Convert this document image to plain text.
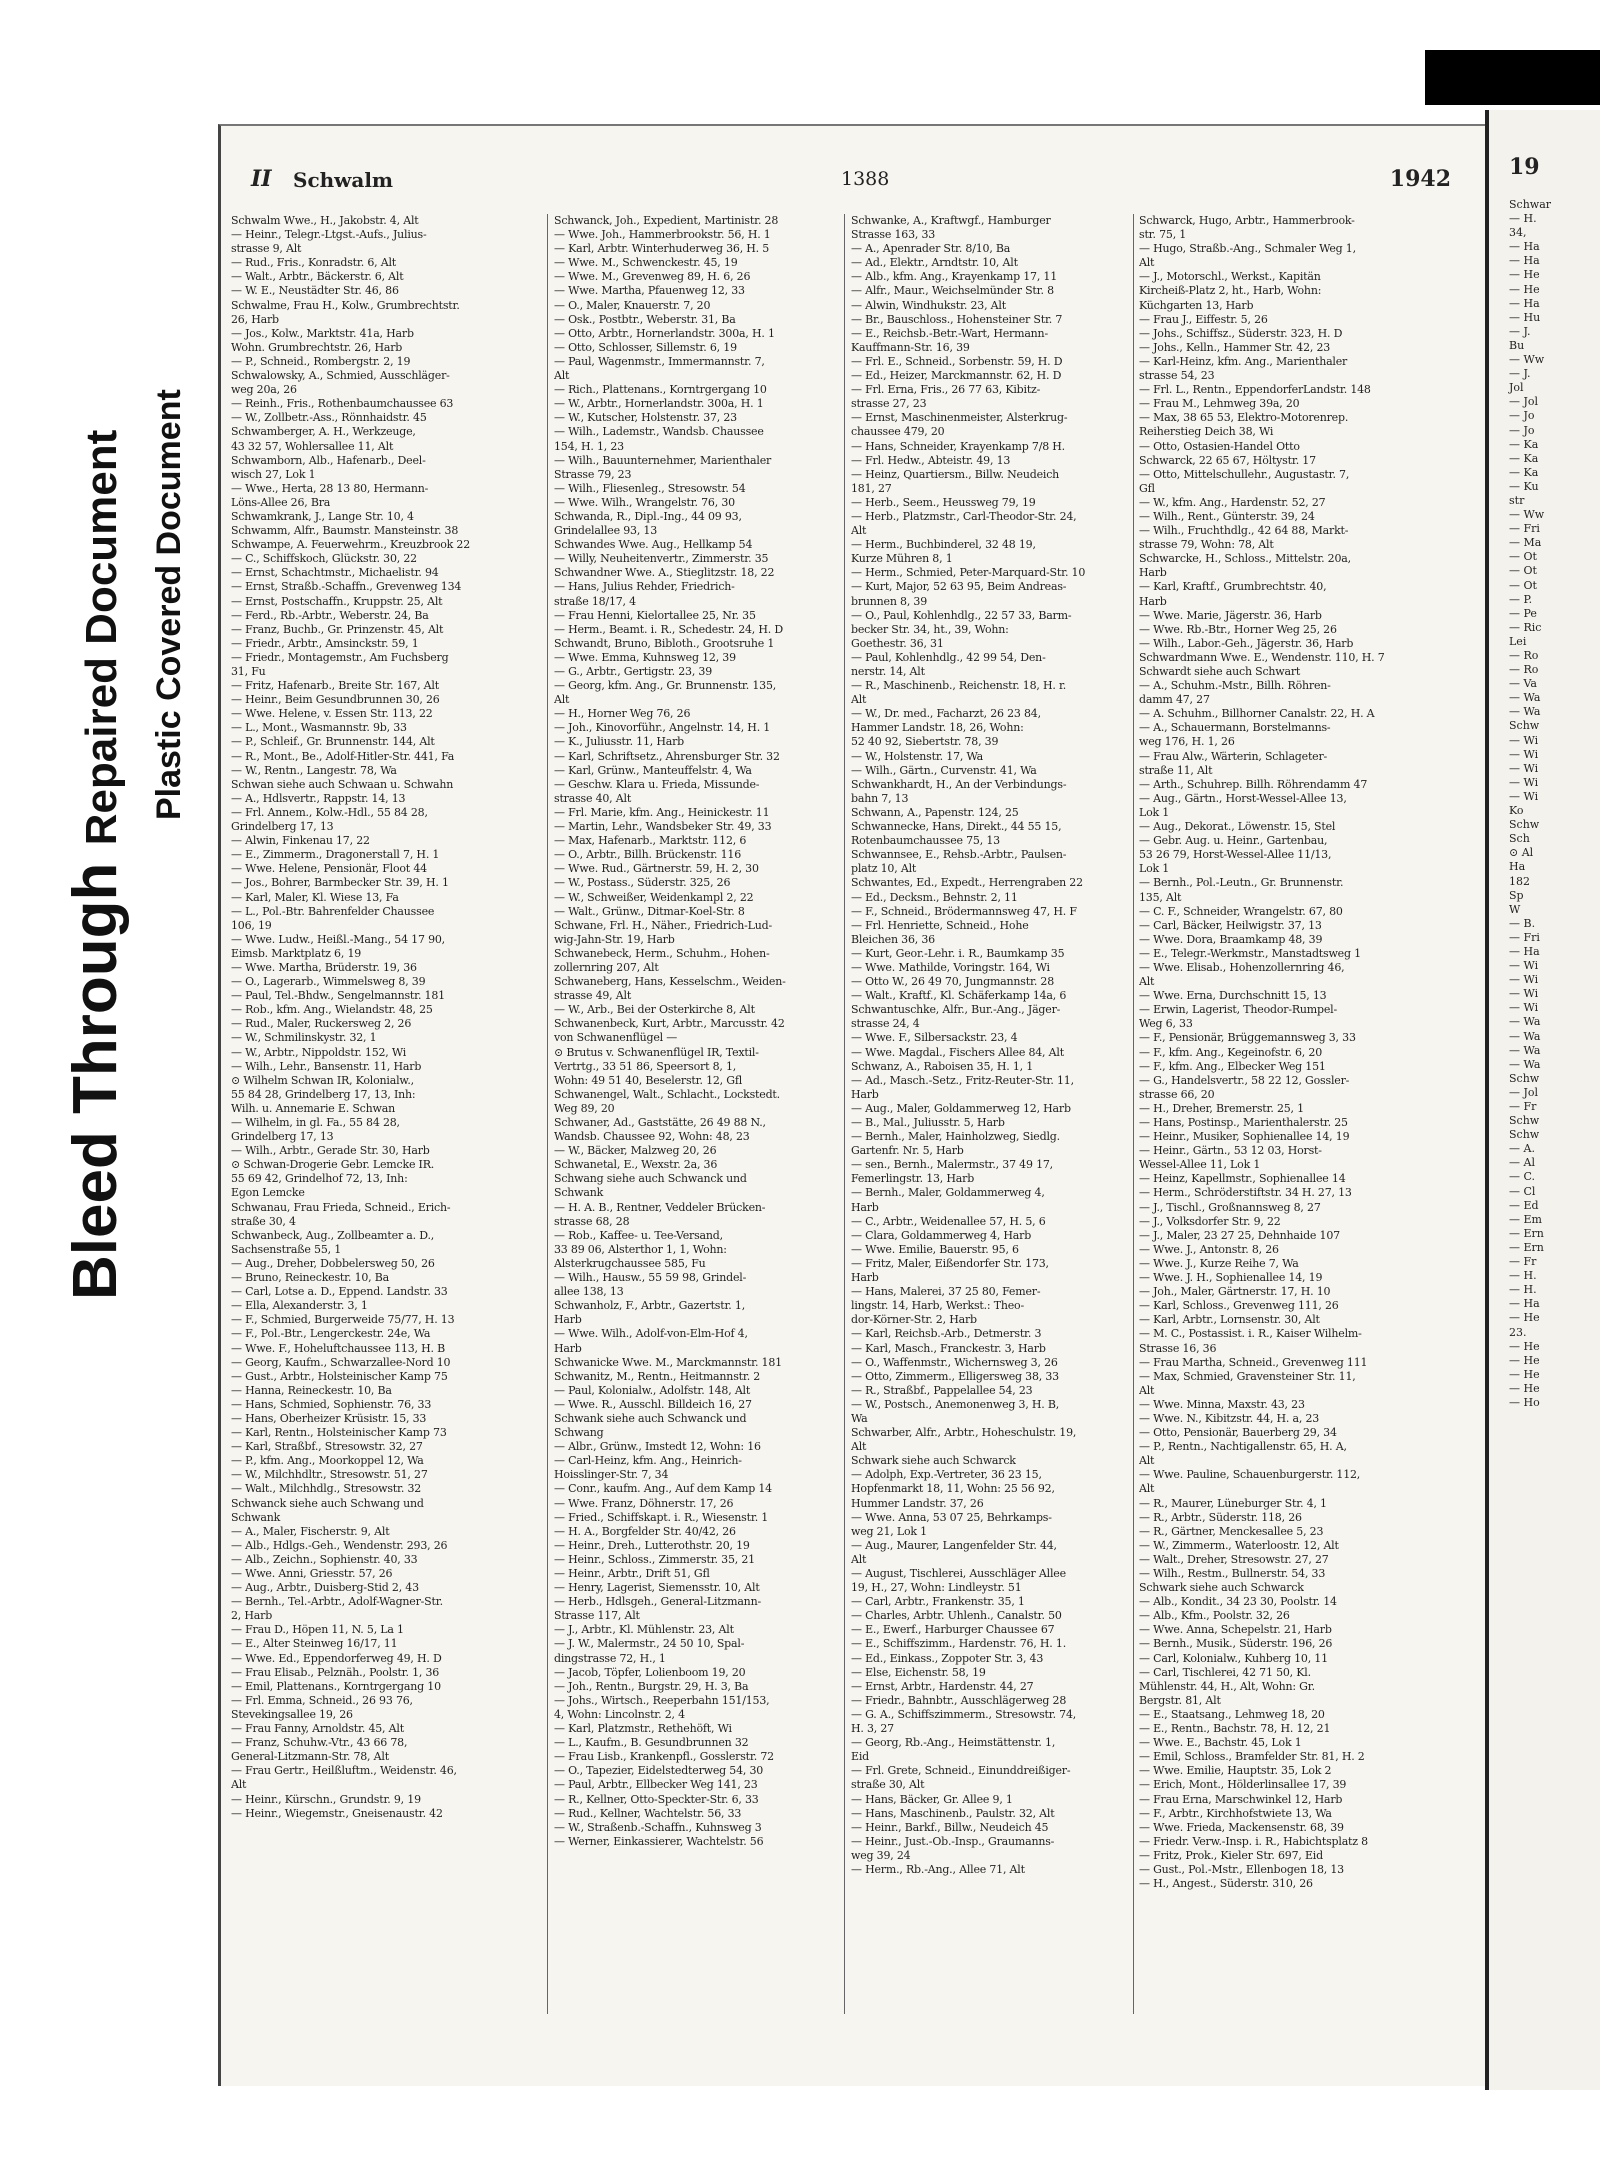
Bleed Through Repaired Document Plastic Covered Document
II Schwalm	1388	1942

Schwalm Wwe., H., Jakobstr. 4, Alt

— Heinr., Telegr.-Ltgst.-Aufs., Julius-

strasse 9, Alt

— Rud., Fris., Konradstr. 6, Alt

— Walt., Arbtr., Bäckerstr. 6, Alt

— W. E., Neustädter Str. 46, 86

Schwalme, Frau H., Kolw., Grumbrechtstr.

26, Harb

— Jos., Kolw., Marktstr. 41a, Harb

Wohn. Grumbrechtstr. 26, Harb

— P., Schneid., Rombergstr. 2, 19

Schwalowsky, A., Schmied, Ausschläger-

weg 20a, 26

— Reinh., Fris., Rothenbaumchaussee 63

— W., Zollbetr.-Ass., Rönnhaidstr. 45

Schwamberger, A. H., Werkzeuge,

43 32 57, Wohlersallee 11, Alt

Schwamborn, Alb., Hafenarb., Deel-

wisch 27, Lok 1

— Wwe., Herta, 28 13 80, Hermann-

Löns-Allee 26, Bra

Schwamkrank, J., Lange Str. 10, 4

Schwamm, Alfr., Baumstr. Mansteinstr. 38

Schwampe, A. Feuerwehrm., Kreuzbrook 22

— C., Schiffskoch, Glückstr. 30, 22

— Ernst, Schachtmstr., Michaelistr. 94

— Ernst, Straßb.-Schaffn., Grevenweg 134

— Ernst, Postschaffn., Kruppstr. 25, Alt

— Ferd., Rb.-Arbtr., Weberstr. 24, Ba

— Franz, Buchb., Gr. Prinzenstr. 45, Alt

— Friedr., Arbtr., Amsinckstr. 59, 1

— Friedr., Montagemstr., Am Fuchsberg

31, Fu

— Fritz, Hafenarb., Breite Str. 167, Alt

— Heinr., Beim Gesundbrunnen 30, 26

— Wwe. Helene, v. Essen Str. 113, 22

— L., Mont., Wasmannstr. 9b, 33

— P., Schleif., Gr. Brunnenstr. 144, Alt

— R., Mont., Be., Adolf-Hitler-Str. 441, Fa

— W., Rentn., Langestr. 78, Wa

Schwan siehe auch Schwaan u. Schwahn

— A., Hdlsvertr., Rappstr. 14, 13

— Frl. Annem., Kolw.-Hdl., 55 84 28,

Grindelberg 17, 13

— Alwin, Finkenau 17, 22

— E., Zimmerm., Dragonerstall 7, H. 1

— Wwe. Helene, Pensionär, Floot 44

— Jos., Bohrer, Barmbecker Str. 39, H. 1

— Karl, Maler, Kl. Wiese 13, Fa

— L., Pol.-Btr. Bahrenfelder Chaussee

106, 19

— Wwe. Ludw., Heißl.-Mang., 54 17 90,

Eimsb. Marktplatz 6, 19

— Wwe. Martha, Brüderstr. 19, 36

— O., Lagerarb., Wimmelsweg 8, 39

— Paul, Tel.-Bhdw., Sengelmannstr. 181

— Rob., kfm. Ang., Wielandstr. 48, 25

— Rud., Maler, Ruckersweg 2, 26

— W., Schmilinskystr. 32, 1

— W., Arbtr., Nippoldstr. 152, Wi

— Wilh., Lehr., Bansenstr. 11, Harb

⊙ Wilhelm Schwan IR, Kolonialw.,

55 84 28, Grindelberg 17, 13, Inh:

Wilh. u. Annemarie E. Schwan

— Wilhelm, in gl. Fa., 55 84 28,

Grindelberg 17, 13

— Wilh., Arbtr., Gerade Str. 30, Harb

⊙ Schwan-Drogerie Gebr. Lemcke IR.

55 69 42, Grindelhof 72, 13, Inh:

Egon Lemcke

Schwanau, Frau Frieda, Schneid., Erich-

straße 30, 4

Schwanbeck, Aug., Zollbeamter a. D.,

Sachsenstraße 55, 1

— Aug., Dreher, Dobbelersweg 50, 26

— Bruno, Reineckestr. 10, Ba

— Carl, Lotse a. D., Eppend. Landstr. 33

— Ella, Alexanderstr. 3, 1

— F., Schmied, Burgerweide 75/77, H. 13

— F., Pol.-Btr., Lengerckestr. 24e, Wa

— Wwe. F., Hoheluftchaussee 113, H. B

— Georg, Kaufm., Schwarzallee-Nord 10

— Gust., Arbtr., Holsteinischer Kamp 75

— Hanna, Reineckestr. 10, Ba

— Hans, Schmied, Sophienstr. 76, 33

— Hans, Oberheizer Krüsistr. 15, 33

— Karl, Rentn., Holsteinischer Kamp 73

— Karl, Straßbf., Stresowstr. 32, 27

— P., kfm. Ang., Moorkoppel 12, Wa

— W., Milchhdltr., Stresowstr. 51, 27

— Walt., Milchhdlg., Stresowstr. 32

Schwanck siehe auch Schwang und

Schwank

— A., Maler, Fischerstr. 9, Alt

— Alb., Hdlgs.-Geh., Wendenstr. 293, 26

— Alb., Zeichn., Sophienstr. 40, 33

— Wwe. Anni, Griesstr. 57, 26

— Aug., Arbtr., Duisberg-Stid 2, 43

— Bernh., Tel.-Arbtr., Adolf-Wagner-Str.

2, Harb

— Frau D., Höpen 11, N. 5, La 1

— E., Alter Steinweg 16/17, 11

— Wwe. Ed., Eppendorferweg 49, H. D

— Frau Elisab., Pelznäh., Poolstr. 1, 36

— Emil, Plattenans., Korntrgergang 10

— Frl. Emma, Schneid., 26 93 76,

Stevekingsallee 19, 26

— Frau Fanny, Arnoldstr. 45, Alt

— Franz, Schuhw.-Vtr., 43 66 78,

General-Litzmann-Str. 78, Alt

— Frau Gertr., Heilßluftm., Weidenstr. 46,

Alt

— Heinr., Kürschn., Grundstr. 9, 19

— Heinr., Wiegemstr., Gneisenaustr. 42

Schwanck, Joh., Expedient, Martinistr. 28

— Wwe. Joh., Hammerbrookstr. 56, H. 1

— Karl, Arbtr. Winterhuderweg 36, H. 5

— Wwe. M., Schwenckestr. 45, 19

— Wwe. M., Grevenweg 89, H. 6, 26

— Wwe. Martha, Pfauenweg 12, 33

— O., Maler, Knauerstr. 7, 20

— Osk., Postbtr., Weberstr. 31, Ba

— Otto, Arbtr., Hornerlandstr. 300a, H. 1

— Otto, Schlosser, Sillemstr. 6, 19

— Paul, Wagenmstr., Immermannstr. 7,

Alt

— Rich., Plattenans., Korntrgergang 10

— W., Arbtr., Hornerlandstr. 300a, H. 1

— W., Kutscher, Holstenstr. 37, 23

— Wilh., Lademstr., Wandsb. Chaussee

154, H. 1, 23

— Wilh., Bauunternehmer, Marienthaler

Strasse 79, 23

— Wilh., Fliesenleg., Stresowstr. 54

— Wwe. Wilh., Wrangelstr. 76, 30

Schwanda, R., Dipl.-Ing., 44 09 93,

Grindelallee 93, 13

Schwandes Wwe. Aug., Hellkamp 54

— Willy, Neuheitenvertr., Zimmerstr. 35

Schwandner Wwe. A., Stieglitzstr. 18, 22

— Hans, Julius Rehder, Friedrich-

straße 18/17, 4

— Frau Henni, Kielortallee 25, Nr. 35

— Herm., Beamt. i. R., Schedestr. 24, H. D

Schwandt, Bruno, Bibloth., Grootsruhe 1

— Wwe. Emma, Kuhnsweg 12, 39

— G., Arbtr., Gertigstr. 23, 39

— Georg, kfm. Ang., Gr. Brunnenstr. 135,

Alt

— H., Horner Weg 76, 26

— Joh., Kinovorführ., Angelnstr. 14, H. 1

— K., Juliusstr. 11, Harb

— Karl, Schriftsetz., Ahrensburger Str. 32

— Karl, Grünw., Manteuffelstr. 4, Wa

— Geschw. Klara u. Frieda, Missunde-

strasse 40, Alt

— Frl. Marie, kfm. Ang., Heinickestr. 11

— Martin, Lehr., Wandsbeker Str. 49, 33

— Max, Hafenarb., Marktstr. 112, 6

— O., Arbtr., Billh. Brückenstr. 116

— Wwe. Rud., Gärtnerstr. 59, H. 2, 30

— W., Postass., Süderstr. 325, 26

— W., Schweißer, Weidenkampl 2, 22

— Walt., Grünw., Ditmar-Koel-Str. 8

Schwane, Frl. H., Näher., Friedrich-Lud-

wig-Jahn-Str. 19, Harb

Schwanebeck, Herm., Schuhm., Hohen-

zollernring 207, Alt

Schwaneberg, Hans, Kesselschm., Weiden-

strasse 49, Alt

— W., Arb., Bei der Osterkirche 8, Alt

Schwanenbeck, Kurt, Arbtr., Marcusstr. 42

von Schwanenflügel —

⊙ Brutus v. Schwanenflügel IR, Textil-

Vertrtg., 33 51 86, Speersort 8, 1,

Wohn: 49 51 40, Beselerstr. 12, Gfl

Schwanengel, Walt., Schlacht., Lockstedt.

Weg 89, 20

Schwaner, Ad., Gaststätte, 26 49 88 N.,

Wandsb. Chaussee 92, Wohn: 48, 23

— W., Bäcker, Malzweg 20, 26

Schwanetal, E., Wexstr. 2a, 36

Schwang siehe auch Schwanck und

Schwank

— H. A. B., Rentner, Veddeler Brücken-

strasse 68, 28

— Rob., Kaffee- u. Tee-Versand,

33 89 06, Alsterthor 1, 1, Wohn:

Alsterkrugchaussee 585, Fu

— Wilh., Hausw., 55 59 98, Grindel-

allee 138, 13

Schwanholz, F., Arbtr., Gazertstr. 1,

Harb

— Wwe. Wilh., Adolf-von-Elm-Hof 4,

Harb

Schwanicke Wwe. M., Marckmannstr. 181

Schwanitz, M., Rentn., Heitmannstr. 2

— Paul, Kolonialw., Adolfstr. 148, Alt

— Wwe. R., Ausschl. Billdeich 16, 27

Schwank siehe auch Schwanck und

Schwang

— Albr., Grünw., Imstedt 12, Wohn: 16

— Carl-Heinz, kfm. Ang., Heinrich-

Hoisslinger-Str. 7, 34

— Conr., kaufm. Ang., Auf dem Kamp 14

— Wwe. Franz, Döhnerstr. 17, 26

— Fried., Schiffskapt. i. R., Wiesenstr. 1

— H. A., Borgfelder Str. 40/42, 26

— Heinr., Dreh., Lutterothstr. 20, 19

— Heinr., Schloss., Zimmerstr. 35, 21

— Heinr., Arbtr., Drift 51, Gfl

— Henry, Lagerist, Siemensstr. 10, Alt

— Herb., Hdlsgeh., General-Litzmann-

Strasse 117, Alt

— J., Arbtr., Kl. Mühlenstr. 23, Alt

— J. W., Malermstr., 24 50 10, Spal-

dingstrasse 72, H., 1

— Jacob, Töpfer, Lolienboom 19, 20

— Joh., Rentn., Burgstr. 29, H. 3, Ba

— Johs., Wirtsch., Reeperbahn 151/153,

4, Wohn: Lincolnstr. 2, 4

— Karl, Platzmstr., Rethehöft, Wi

— L., Kaufm., B. Gesundbrunnen 32

— Frau Lisb., Krankenpfl., Gosslerstr. 72

— O., Tapezier, Eidelstedterweg 54, 30

— Paul, Arbtr., Ellbecker Weg 141, 23

— R., Kellner, Otto-Speckter-Str. 6, 33

— Rud., Kellner, Wachtelstr. 56, 33

— W., Straßenb.-Schaffn., Kuhnsweg 3

— Werner, Einkassierer, Wachtelstr. 56

Schwanke, A., Kraftwgf., Hamburger

Strasse 163, 33

— A., Apenrader Str. 8/10, Ba

— Ad., Elektr., Arndtstr. 10, Alt

— Alb., kfm. Ang., Krayenkamp 17, 11

— Alfr., Maur., Weichselmünder Str. 8

— Alwin, Windhukstr. 23, Alt

— Br., Bauschloss., Hohensteiner Str. 7

— E., Reichsb.-Betr.-Wart, Hermann-

Kauffmann-Str. 16, 39

— Frl. E., Schneid., Sorbenstr. 59, H. D

— Ed., Heizer, Marckmannstr. 62, H. D

— Frl. Erna, Fris., 26 77 63, Kibitz-

strasse 27, 23

— Ernst, Maschinenmeister, Alsterkrug-

chaussee 479, 20

— Hans, Schneider, Krayenkamp 7/8 H.

— Frl. Hedw., Abteistr. 49, 13

— Heinz, Quartiersm., Billw. Neudeich

181, 27

— Herb., Seem., Heussweg 79, 19

— Herb., Platzmstr., Carl-Theodor-Str. 24,

Alt

— Herm., Buchbinderel, 32 48 19,

Kurze Mühren 8, 1

— Herm., Schmied, Peter-Marquard-Str. 10

— Kurt, Major, 52 63 95, Beim Andreas-

brunnen 8, 39

— O., Paul, Kohlenhdlg., 22 57 33, Barm-

becker Str. 34, ht., 39, Wohn:

Goethestr. 36, 31

— Paul, Kohlenhdlg., 42 99 54, Den-

nerstr. 14, Alt

— R., Maschinenb., Reichenstr. 18, H. r.

Alt

— W., Dr. med., Facharzt, 26 23 84,

Hammer Landstr. 18, 26, Wohn:

52 40 92, Siebertstr. 78, 39

— W., Holstenstr. 17, Wa

— Wilh., Gärtn., Curvenstr. 41, Wa

Schwankhardt, H., An der Verbindungs-

bahn 7, 13

Schwann, A., Papenstr. 124, 25

Schwannecke, Hans, Direkt., 44 55 15,

Rotenbaumchaussee 75, 13

Schwannsee, E., Rehsb.-Arbtr., Paulsen-

platz 10, Alt

Schwantes, Ed., Expedt., Herrengraben 22

— Ed., Decksm., Behnstr. 2, 11

— F., Schneid., Brödermannsweg 47, H. F

— Frl. Henriette, Schneid., Hohe

Bleichen 36, 36

— Kurt, Geor.-Lehr. i. R., Baumkamp 35

— Wwe. Mathilde, Voringstr. 164, Wi

— Otto W., 26 49 70, Jungmannstr. 28

— Walt., Kraftf., Kl. Schäferkamp 14a, 6

Schwantuschke, Alfr., Bur.-Ang., Jäger-

strasse 24, 4

— Wwe. F., Silbersackstr. 23, 4

— Wwe. Magdal., Fischers Allee 84, Alt

Schwanz, A., Raboisen 35, H. 1, 1

— Ad., Masch.-Setz., Fritz-Reuter-Str. 11,

Harb

— Aug., Maler, Goldammerweg 12, Harb

— B., Mal., Juliusstr. 5, Harb

— Bernh., Maler, Hainholzweg, Siedlg.

Gartenfr. Nr. 5, Harb

— sen., Bernh., Malermstr., 37 49 17,

Femerlingstr. 13, Harb

— Bernh., Maler, Goldammerweg 4,

Harb

— C., Arbtr., Weidenallee 57, H. 5, 6

— Clara, Goldammerweg 4, Harb

— Wwe. Emilie, Bauerstr. 95, 6

— Fritz, Maler, Eißendorfer Str. 173,

Harb

— Hans, Malerei, 37 25 80, Femer-

lingstr. 14, Harb, Werkst.: Theo-

dor-Körner-Str. 2, Harb

— Karl, Reichsb.-Arb., Detmerstr. 3

— Karl, Masch., Franckestr. 3, Harb

— O., Waffenmstr., Wichernsweg 3, 26

— Otto, Zimmerm., Elligersweg 38, 33

— R., Straßbf., Pappelallee 54, 23

— W., Postsch., Anemonenweg 3, H. B,

Wa

Schwarber, Alfr., Arbtr., Hoheschulstr. 19,

Alt

Schwark siehe auch Schwarck

— Adolph, Exp.-Vertreter, 36 23 15,

Hopfenmarkt 18, 11, Wohn: 25 56 92,

Hummer Landstr. 37, 26

— Wwe. Anna, 53 07 25, Behrkamps-

weg 21, Lok 1

— Aug., Maurer, Langenfelder Str. 44,

Alt

— August, Tischlerei, Ausschläger Allee

19, H., 27, Wohn: Lindleystr. 51

— Carl, Arbtr., Frankenstr. 35, 1

— Charles, Arbtr. Uhlenh., Canalstr. 50

— E., Ewerf., Harburger Chaussee 67

— E., Schiffszimm., Hardenstr. 76, H. 1.

— Ed., Einkass., Zoppoter Str. 3, 43

— Else, Eichenstr. 58, 19

— Ernst, Arbtr., Hardenstr. 44, 27

— Friedr., Bahnbtr., Ausschlägerweg 28

— G. A., Schiffszimmerm., Stresowstr. 74,

H. 3, 27

— Georg, Rb.-Ang., Heimstättenstr. 1,

Eid

— Frl. Grete, Schneid., Einunddreißiger-

straße 30, Alt

— Hans, Bäcker, Gr. Allee 9, 1

— Hans, Maschinenb., Paulstr. 32, Alt

— Heinr., Barkf., Billw., Neudeich 45

— Heinr., Just.-Ob.-Insp., Graumanns-

weg 39, 24

— Herm., Rb.-Ang., Allee 71, Alt

Schwarck, Hugo, Arbtr., Hammerbrook-

str. 75, 1

— Hugo, Straßb.-Ang., Schmaler Weg 1,

Alt

— J., Motorschl., Werkst., Kapitän

Kircheiß-Platz 2, ht., Harb, Wohn:

Küchgarten 13, Harb

— Frau J., Eiffestr. 5, 26

— Johs., Schiffsz., Süderstr. 323, H. D

— Johs., Kelln., Hammer Str. 42, 23

— Karl-Heinz, kfm. Ang., Marienthaler

strasse 54, 23

— Frl. L., Rentn., EppendorferLandstr. 148

— Frau M., Lehmweg 39a, 20

— Max, 38 65 53, Elektro-Motorenrep.

Reiherstieg Deich 38, Wi

— Otto, Ostasien-Handel Otto

Schwarck, 22 65 67, Höltystr. 17

— Otto, Mittelschullehr., Augustastr. 7,

Gfl

— W., kfm. Ang., Hardenstr. 52, 27

— Wilh., Rent., Günterstr. 39, 24

— Wilh., Fruchthdlg., 42 64 88, Markt-

strasse 79, Wohn: 78, Alt

Schwarcke, H., Schloss., Mittelstr. 20a,

Harb

— Karl, Kraftf., Grumbrechtstr. 40,

Harb

— Wwe. Marie, Jägerstr. 36, Harb

— Wwe. Rb.-Btr., Horner Weg 25, 26

— Wilh., Labor.-Geh., Jägerstr. 36, Harb

Schwardmann Wwe. E., Wendenstr. 110, H. 7

Schwardt siehe auch Schwart

— A., Schuhm.-Mstr., Billh. Röhren-

damm 47, 27

— A. Schuhm., Billhorner Canalstr. 22, H. A

— A., Schauermann, Borstelmanns-

weg 176, H. 1, 26

— Frau Alw., Wärterin, Schlageter-

straße 11, Alt

— Arth., Schuhrep. Billh. Röhrendamm 47

— Aug., Gärtn., Horst-Wessel-Allee 13,

Lok 1

— Aug., Dekorat., Löwenstr. 15, Stel

— Gebr. Aug. u. Heinr., Gartenbau,

53 26 79, Horst-Wessel-Allee 11/13,

Lok 1

— Bernh., Pol.-Leutn., Gr. Brunnenstr.

135, Alt

— C. F., Schneider, Wrangelstr. 67, 80

— Carl, Bäcker, Heilwigstr. 37, 13

— Wwe. Dora, Braamkamp 48, 39

— E., Telegr.-Werkmstr., Manstadtsweg 1

— Wwe. Elisab., Hohenzollernring 46,

Alt

— Wwe. Erna, Durchschnitt 15, 13

— Erwin, Lagerist, Theodor-Rumpel-

Weg 6, 33

— F., Pensionär, Brüggemannsweg 3, 33

— F., kfm. Ang., Kegeinofstr. 6, 20

— F., kfm. Ang., Elbecker Weg 151

— G., Handelsvertr., 58 22 12, Gossler-

strasse 66, 20

— H., Dreher, Bremerstr. 25, 1

— Hans, Postinsp., Marienthalerstr. 25

— Heinr., Musiker, Sophienallee 14, 19

— Heinr., Gärtn., 53 12 03, Horst-

Wessel-Allee 11, Lok 1

— Heinz, Kapellmstr., Sophienallee 14

— Herm., Schröderstiftstr. 34 H. 27, 13

— J., Tischl., Großnannsweg 8, 27

— J., Volksdorfer Str. 9, 22

— J., Maler, 23 27 25, Dehnhaide 107

— Wwe. J., Antonstr. 8, 26

— Wwe. J., Kurze Reihe 7, Wa

— Wwe. J. H., Sophienallee 14, 19

— Joh., Maler, Gärtnerstr. 17, H. 10

— Karl, Schloss., Grevenweg 111, 26

— Karl, Arbtr., Lornsenstr. 30, Alt

— M. C., Postassist. i. R., Kaiser Wilhelm-

Strasse 16, 36

— Frau Martha, Schneid., Grevenweg 111

— Max, Schmied, Gravensteiner Str. 11,

Alt

— Wwe. Minna, Maxstr. 43, 23

— Wwe. N., Kibitzstr. 44, H. a, 23

— Otto, Pensionär, Bauerberg 29, 34

— P., Rentn., Nachtigallenstr. 65, H. A,

Alt

— Wwe. Pauline, Schauenburgerstr. 112,

Alt

— R., Maurer, Lüneburger Str. 4, 1

— R., Arbtr., Süderstr. 118, 26

— R., Gärtner, Menckesallee 5, 23

— W., Zimmerm., Waterloostr. 12, Alt

— Walt., Dreher, Stresowstr. 27, 27

— Wilh., Restm., Bullnerstr. 54, 33

Schwark siehe auch Schwarck

— Alb., Kondit., 34 23 30, Poolstr. 14

— Alb., Kfm., Poolstr. 32, 26

— Wwe. Anna, Schepelstr. 21, Harb

— Bernh., Musik., Süderstr. 196, 26

— Carl, Kolonialw., Kuhberg 10, 11

— Carl, Tischlerei, 42 71 50, Kl.

Mühlenstr. 44, H., Alt, Wohn: Gr.

Bergstr. 81, Alt

— E., Staatsang., Lehmweg 18, 20

— E., Rentn., Bachstr. 78, H. 12, 21

— Wwe. E., Bachstr. 45, Lok 1

— Emil, Schloss., Bramfelder Str. 81, H. 2

— Wwe. Emilie, Hauptstr. 35, Lok 2

— Erich, Mont., Hölderlinsallee 17, 39

— Frau Erna, Marschwinkel 12, Harb

— F., Arbtr., Kirchhofstwiete 13, Wa

— Wwe. Frieda, Mackensenstr. 68, 39

— Friedr. Verw.-Insp. i. R., Habichtsplatz 8

— Fritz, Prok., Kieler Str. 697, Eid

— Gust., Pol.-Mstr., Ellenbogen 18, 13

— H., Angest., Süderstr. 310, 26

19

Schwar

— H.

34,

— Ha

— Ha

— He

— He

— Ha

— Hu

— J.

Bu

— Ww

— J.

Jol

— Jol

— Jo

— Jo

— Ka

— Ka

— Ka

— Ku

str

— Ww

— Fri

— Ma

— Ot

— Ot

— Ot

— P.

— Pe

— Ric

Lei

— Ro

— Ro

— Va

— Wa

— Wa

Schw

— Wi

— Wi

— Wi

— Wi

— Wi

Ko

Schw

Sch

⊙ Al

Ha

182

Sp

W

— B.

— Fri

— Ha

— Wi

— Wi

— Wi

— Wi

— Wa

— Wa

— Wa

— Wa

Schw

— Jol

— Fr

Schw

Schw

— A.

— Al

— C.

— Cl

— Ed

— Em

— Ern

— Ern

— Fr

— H.

— H.

— Ha

— He

23.

— He

— He

— He

— He

— Ho
